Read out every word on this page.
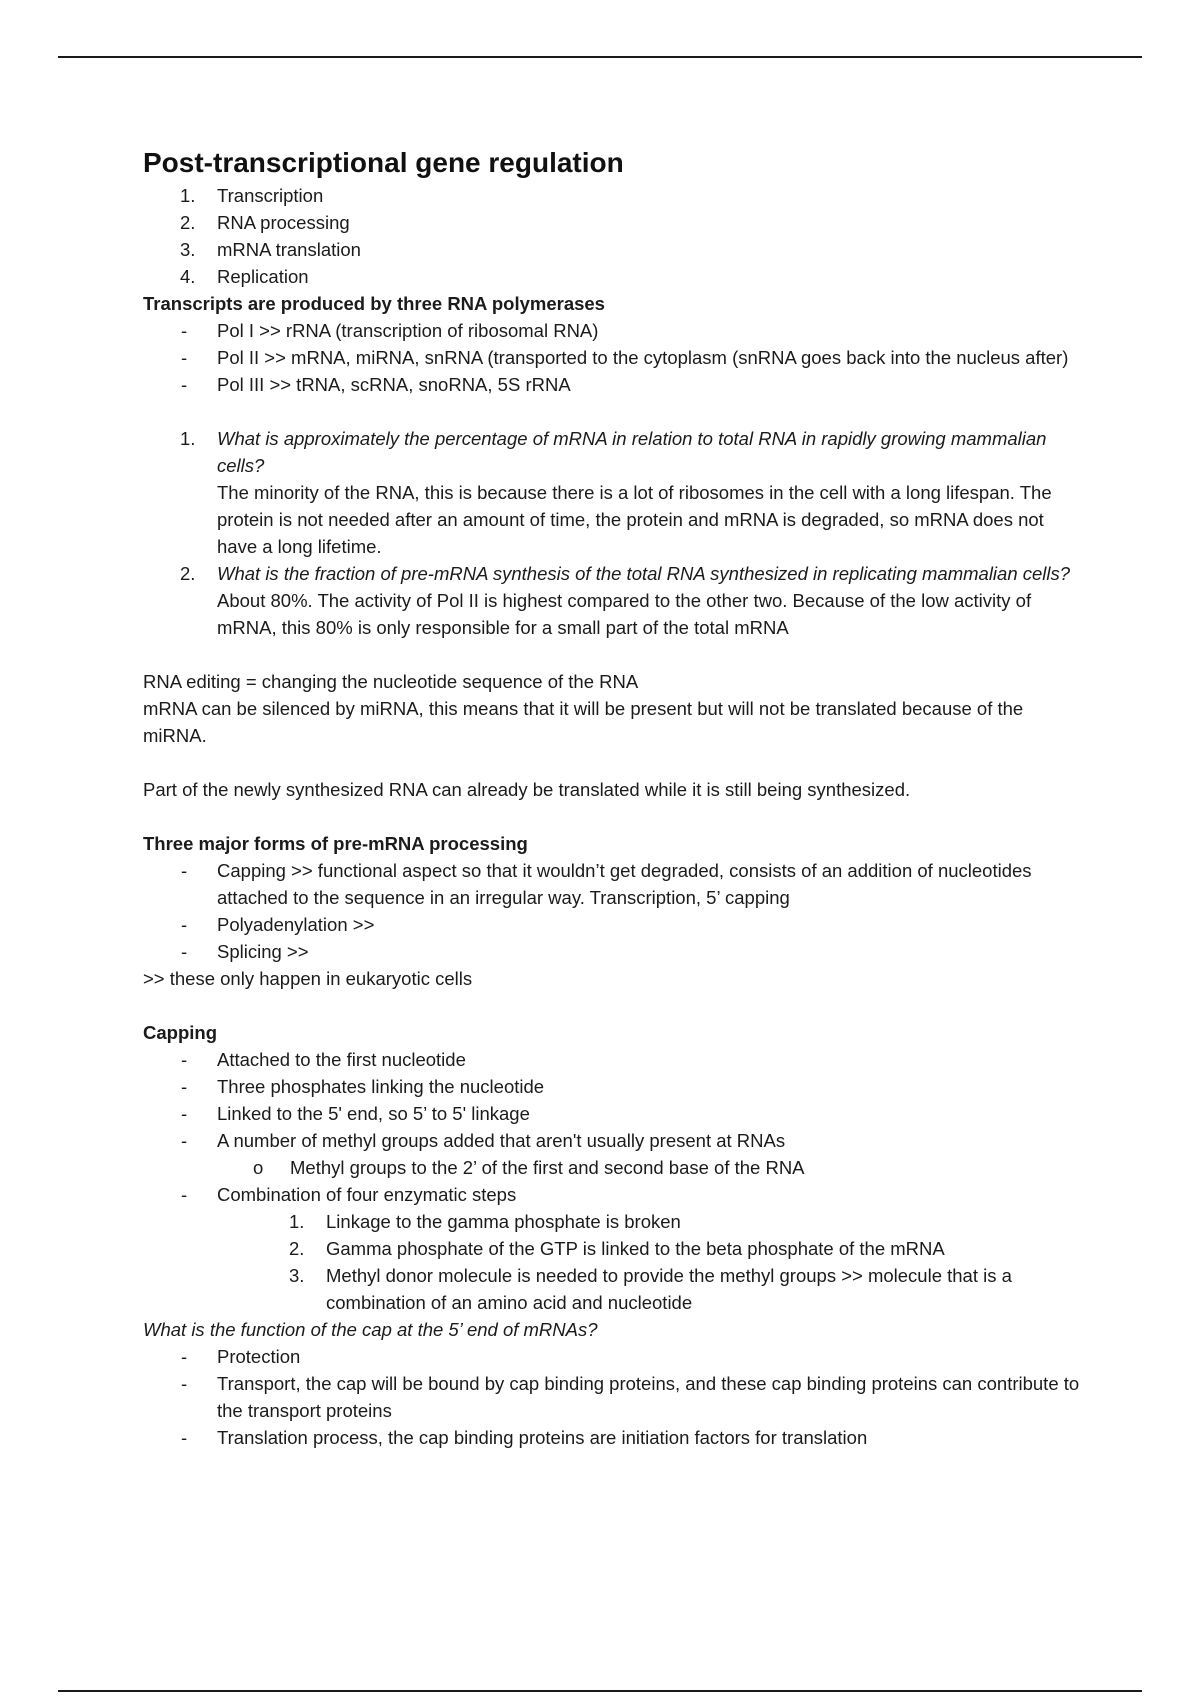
Post-transcriptional gene regulation
1.	Transcription
2.	RNA processing
3.	mRNA translation
4.	Replication
Transcripts are produced by three RNA polymerases
-	Pol I >> rRNA (transcription of ribosomal RNA)
-	Pol II >> mRNA, miRNA, snRNA (transported to the cytoplasm (snRNA goes back into the nucleus after)
-	Pol III >> tRNA, scRNA, snoRNA, 5S rRNA
1.	What is approximately the percentage of mRNA in relation to total RNA in rapidly growing mammalian cells?
The minority of the RNA, this is because there is a lot of ribosomes in the cell with a long lifespan. The protein is not needed after an amount of time, the protein and mRNA is degraded, so mRNA does not have a long lifetime.
2.	What is the fraction of pre-mRNA synthesis of the total RNA synthesized in replicating mammalian cells?
About 80%. The activity of Pol II is highest compared to the other two. Because of the low activity of mRNA, this 80% is only responsible for a small part of the total mRNA

RNA editing = changing the nucleotide sequence of the RNA

mRNA can be silenced by miRNA, this means that it will be present but will not be translated because of the miRNA.

Part of the newly synthesized RNA can already be translated while it is still being synthesized.

Three major forms of pre-mRNA processing
-	Capping >> functional aspect so that it wouldn’t get degraded, consists of an addition of nucleotides attached to the sequence in an irregular way. Transcription, 5’ capping
-	Polyadenylation >>
-	Splicing >>

>> these only happen in eukaryotic cells

Capping
-	Attached to the first nucleotide
-	Three phosphates linking the nucleotide
-	Linked to the 5' end, so 5’ to 5' linkage
-	A number of methyl groups added that aren't usually present at RNAs
o	Methyl groups to the 2’ of the first and second base of the RNA
-	Combination of four enzymatic steps
1.	Linkage to the gamma phosphate is broken
2.	Gamma phosphate of the GTP is linked to the beta phosphate of the mRNA
3.	Methyl donor molecule is needed to provide the methyl groups >> molecule that is a combination of an amino acid and nucleotide

What is the function of the cap at the 5’ end of mRNAs?

-	Protection
-	Transport, the cap will be bound by cap binding proteins, and these cap binding proteins can contribute to the transport proteins
-	Translation process, the cap binding proteins are initiation factors for translation
